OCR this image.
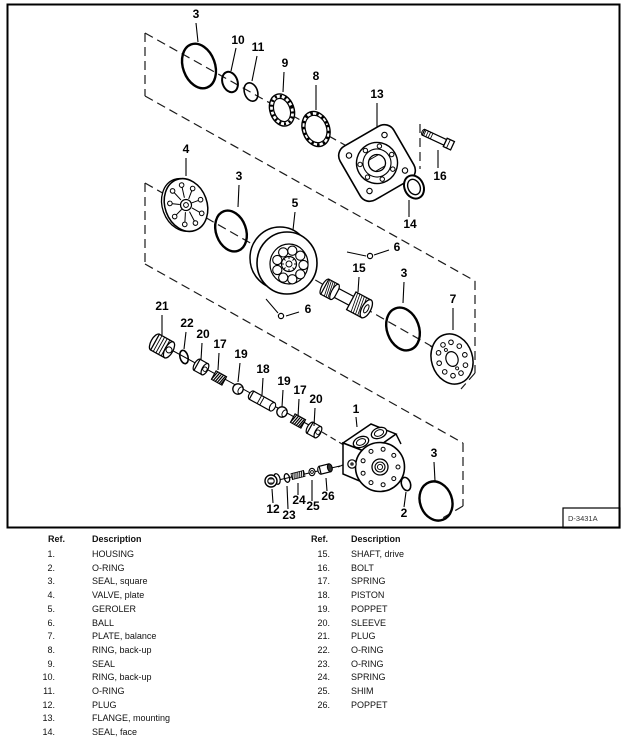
D-3431A
3
10 11
9
8
13
16
14
4
3
5
6
15	3
7
21
22
6
20
17
19
18
19
17
20
1
3
2
12 23
24 25
26
Ref.	Description	Ref.	Description
1.	HOUSING
2.	O-RING
3.	SEAL, square
4.	VALVE, plate
5.	GEROLER
6.	BALL
7.	PLATE, balance
8.	RING, back-up
9.	SEAL
10.	RING, back-up
11.	O-RING
12.	PLUG
13.	FLANGE, mounting
14.	SEAL, face
15. SHAFT, drive
16. BOLT
17. SPRING
18. PISTON
19. POPPET
20. SLEEVE
21. PLUG
22. O-RING
23. O-RING
24. SPRING
25. SHIM
26. POPPET
